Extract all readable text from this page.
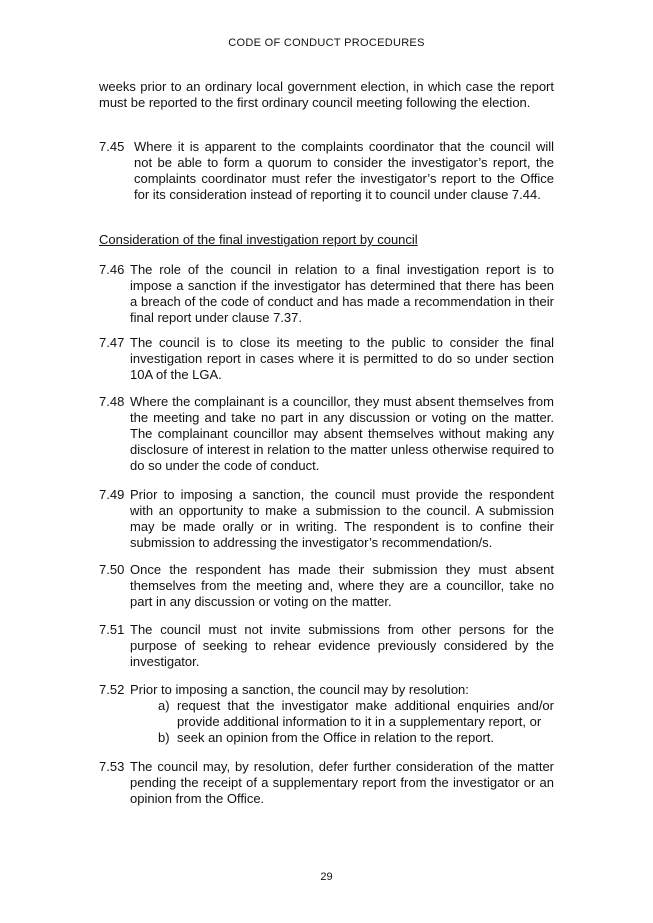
CODE OF CONDUCT PROCEDURES
weeks prior to an ordinary local government election, in which case the report must be reported to the first ordinary council meeting following the election.
7.45 Where it is apparent to the complaints coordinator that the council will not be able to form a quorum to consider the investigator’s report, the complaints coordinator must refer the investigator’s report to the Office for its consideration instead of reporting it to council under clause 7.44.
Consideration of the final investigation report by council
7.46 The role of the council in relation to a final investigation report is to impose a sanction if the investigator has determined that there has been a breach of the code of conduct and has made a recommendation in their final report under clause 7.37.
7.47 The council is to close its meeting to the public to consider the final investigation report in cases where it is permitted to do so under section 10A of the LGA.
7.48 Where the complainant is a councillor, they must absent themselves from the meeting and take no part in any discussion or voting on the matter. The complainant councillor may absent themselves without making any disclosure of interest in relation to the matter unless otherwise required to do so under the code of conduct.
7.49 Prior to imposing a sanction, the council must provide the respondent with an opportunity to make a submission to the council. A submission may be made orally or in writing. The respondent is to confine their submission to addressing the investigator’s recommendation/s.
7.50 Once the respondent has made their submission they must absent themselves from the meeting and, where they are a councillor, take no part in any discussion or voting on the matter.
7.51 The council must not invite submissions from other persons for the purpose of seeking to rehear evidence previously considered by the investigator.
7.52 Prior to imposing a sanction, the council may by resolution:
a) request that the investigator make additional enquiries and/or provide additional information to it in a supplementary report, or
b) seek an opinion from the Office in relation to the report.
7.53 The council may, by resolution, defer further consideration of the matter pending the receipt of a supplementary report from the investigator or an opinion from the Office.
29
